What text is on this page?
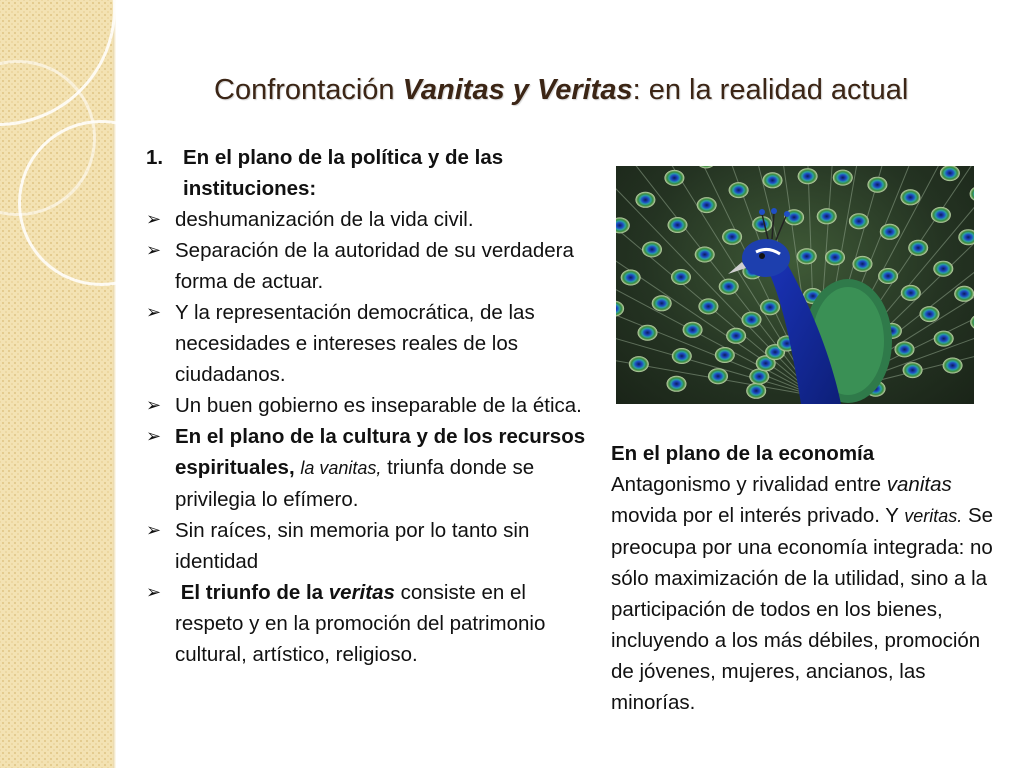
Confrontación Vanitas y Veritas: en la realidad actual
1. En el plano de la política y de las instituciones:
➢ deshumanización de la vida civil.
➢ Separación de la autoridad de su verdadera forma de actuar.
➢ Y la representación democrática, de las necesidades e intereses reales de los ciudadanos.
➢ Un buen gobierno es inseparable de la ética.
➢ En el plano de la cultura y de los recursos espirituales, la vanitas, triunfa donde se privilegia lo efímero.
➢ Sin raíces, sin memoria por lo tanto sin identidad
➢ El triunfo de la veritas consiste en el respeto y en la promoción del patrimonio cultural, artístico, religioso.
En el plano de la economía
Antagonismo y rivalidad entre vanitas movida por el interés privado. Y veritas. Se preocupa por una economía integrada: no sólo maximización de la utilidad, sino a la participación de todos en los bienes, incluyendo a los más débiles, promoción de jóvenes, mujeres, ancianos, las minorías.
